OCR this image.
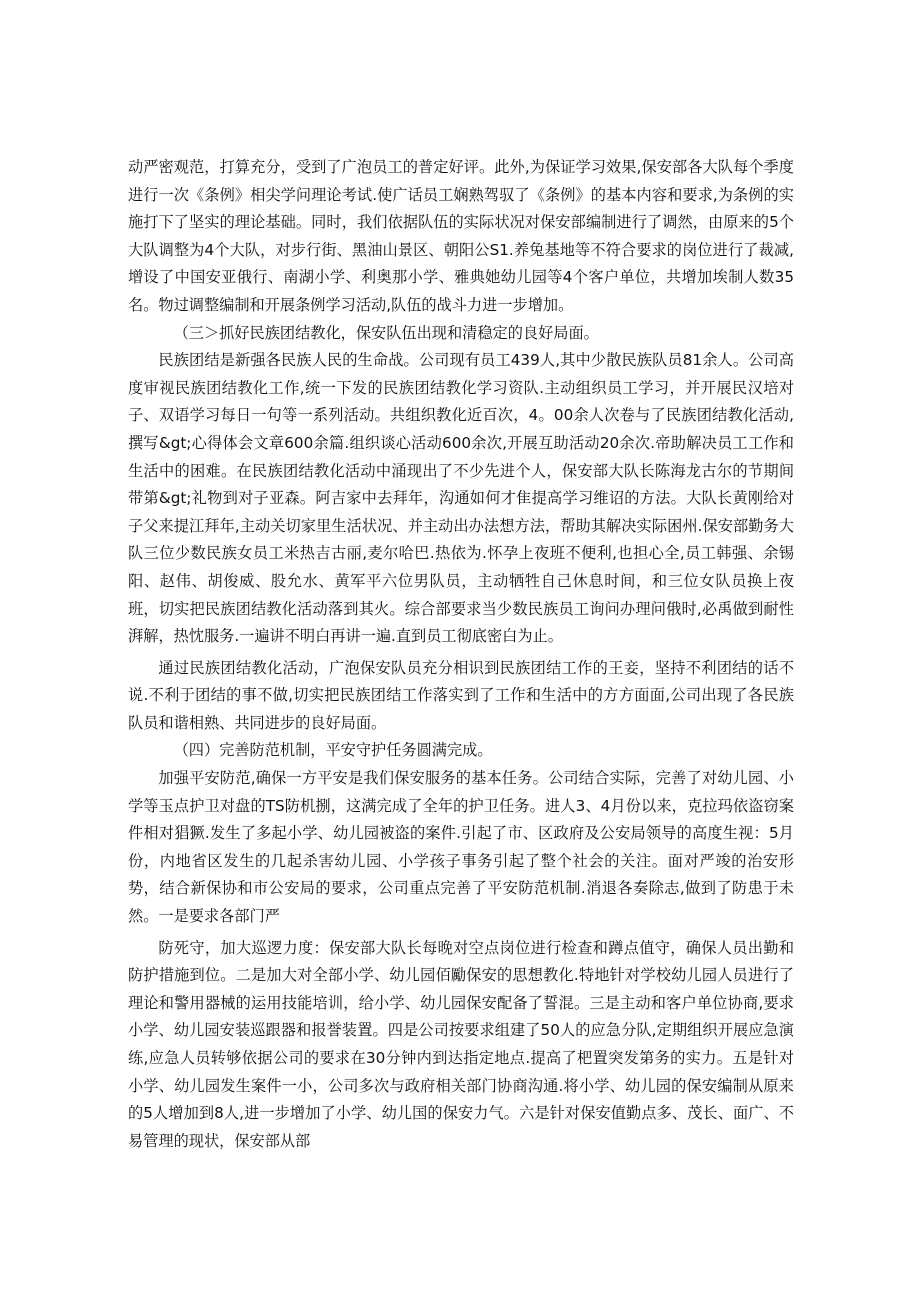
动严密观范，打算充分，受到了广泡员工的普定好评。此外,为保证学习效果,保安部各大队每个季度进行一次《条例》相尖学问理论考试.使广话员工娴熟驾驭了《条例》的基本内容和要求,为条例的实施打下了坚实的理论基础。同时，我们依据队伍的实际状况对保安部编制进行了调然，由原来的5个大队调整为4个大队，对步行街、黑油山景区、朝阳公S1.养兔基地等不符合要求的岗位进行了裁减,增设了中国安亚俄行、南湖小学、利奥那小学、雅典她幼儿园等4个客户单位，共增加埃制人数35名。物过调整编制和开展条例学习活动,队伍的战斗力进一步增加。

（三＞抓好民族团结教化，保安队伍出现和清稳定的良好局面。

民族团结是新强各民族人民的生命战。公司现有员工439人,其中少散民族队员81余人。公司高度审视民族团结教化工作,统一下发的民族团结教化学习资队.主动组织员工学习，并开展民汉培对子、双语学习每日一句等一系列活动。共组织教化近百次，4。00余人次卷与了民族团结教化活动,撰写&gt;心得体会文章600余篇.组织谈心活动600余次,开展互助活动20余次.帝助解决员工工作和生活中的困难。在民族团结教化活动中涌现出了不少先进个人，保安部大队长陈海龙古尔的节期间带第&gt;礼物到对子亚森。阿吉家中去拜年，沟通如何才隹提高学习维诏的方法。大队长黄刚给对子父来提江拜年,主动关切家里生活状况、并主动出办法想方法，帮助其解决实际困州.保安部勤务大队三位少数民族女员工米热吉古丽,麦尔哈巴.热依为.怀孕上夜班不便利,也担心全,员工韩强、余锡阳、赵伟、胡俊威、股允水、黄军平六位男队员，主动牺牲自己休息时间，和三位女队员换上夜班，切实把民族团结教化活动落到其火。综合部要求当少数民族员工询问办理问俄时,必禹做到耐性湃解，热忱服务.一遍讲不明白再讲一遍.直到员工彻底密白为止。

通过民族团结教化活动，广泡保安队员充分相识到民族团结工作的王妾，坚持不利团结的话不说.不利于团结的事不做,切实把民族团结工作落实到了工作和生活中的方方面面,公司出现了各民族队员和谐相熟、共同进步的良好局面。

（四）完善防范机制，平安守护任务圆满完成。

加强平安防范,确保一方平安是我们保安服务的基本任务。公司结合实际，完善了对幼儿园、小学等玉点护卫对盘的TS防机捌，这满完成了全年的护卫任务。进人3、4月份以来，克拉玛依盗窃案件相对猖獗.发生了多起小学、幼儿园被盗的案件.引起了市、区政府及公安局领导的高度生视：5月份，内地省区发生的几起杀害幼儿园、小学孩子事务引起了整个社会的关注。面对严竣的治安形势，结合新保协和市公安局的要求，公司重点完善了平安防范机制.消退各奏除志,做到了防患于未然。一是要求各部门严

防死守，加大巡逻力度：保安部大队长每晚对空点岗位进行检查和蹲点值守，确保人员出勤和防护措施到位。二是加大对全部小学、幼儿园佰勵保安的思想教化.特地针对学校幼儿园人员进行了理论和警用器械的运用技能培训，给小学、幼儿园保安配备了誓混。三是主动和客户单位协商,要求小学、幼儿园安装巡跟器和报誉装置。四是公司按要求组建了50人的应急分队,定期组织开展应急演练,应急人员转够依据公司的要求在30分钟内到达指定地点.提高了杷置突发第务的实力。五是针对小学、幼儿园发生案件一小，公司多次与政府相关部门协商沟通.将小学、幼儿园的保安编制从原来的5人增加到8人,进一步增加了小学、幼儿国的保安力气。六是针对保安值勤点多、茂长、面广、不易管理的现状，保安部从部
